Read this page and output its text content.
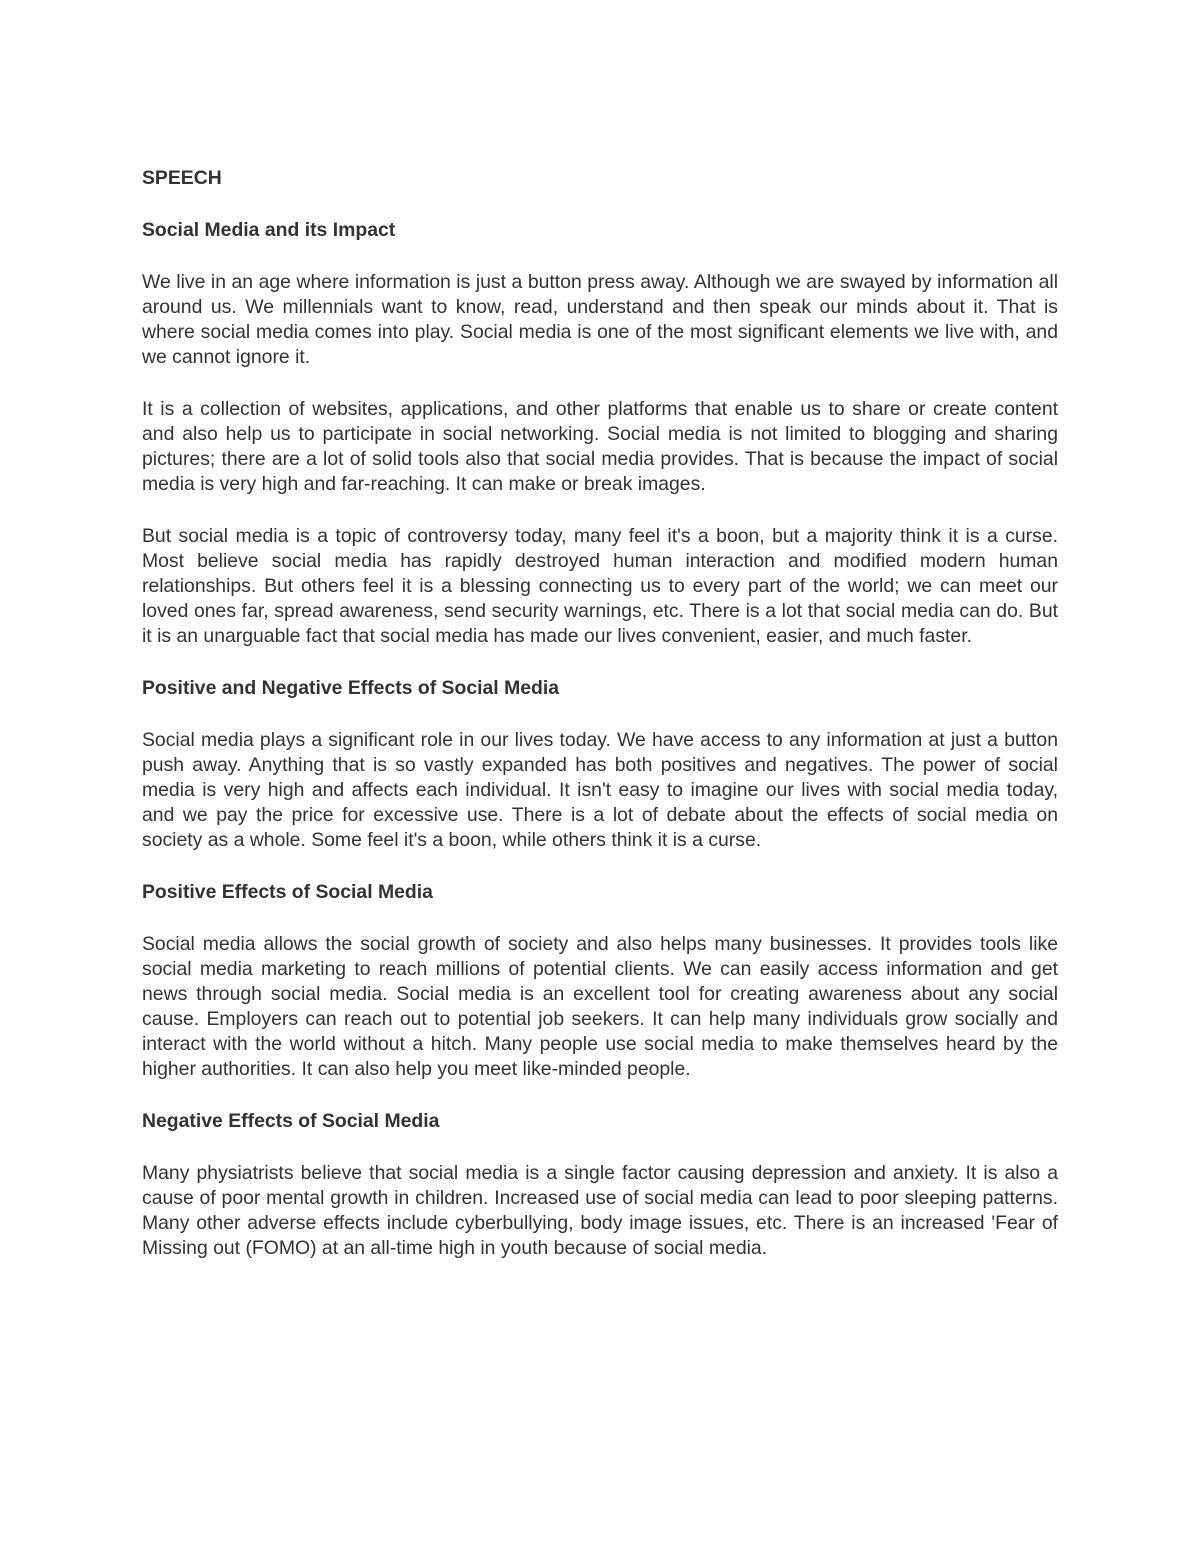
SPEECH
Social Media and its Impact

We live in an age where information is just a button press away. Although we are swayed by information all around us. We millennials want to know, read, understand and then speak our minds about it. That is where social media comes into play. Social media is one of the most significant elements we live with, and we cannot ignore it.

It is a collection of websites, applications, and other platforms that enable us to share or create content and also help us to participate in social networking. Social media is not limited to blogging and sharing pictures; there are a lot of solid tools also that social media provides. That is because the impact of social media is very high and far-reaching. It can make or break images.

But social media is a topic of controversy today, many feel it's a boon, but a majority think it is a curse. Most believe social media has rapidly destroyed human interaction and modified modern human relationships. But others feel it is a blessing connecting us to every part of the world; we can meet our loved ones far, spread awareness, send security warnings, etc. There is a lot that social media can do. But it is an unarguable fact that social media has made our lives convenient, easier, and much faster.

Positive and Negative Effects of Social Media

Social media plays a significant role in our lives today. We have access to any information at just a button push away. Anything that is so vastly expanded has both positives and negatives. The power of social media is very high and affects each individual. It isn't easy to imagine our lives with social media today, and we pay the price for excessive use. There is a lot of debate about the effects of social media on society as a whole. Some feel it's a boon, while others think it is a curse.

Positive Effects of Social Media

Social media allows the social growth of society and also helps many businesses. It provides tools like social media marketing to reach millions of potential clients. We can easily access information and get news through social media. Social media is an excellent tool for creating awareness about any social cause. Employers can reach out to potential job seekers. It can help many individuals grow socially and interact with the world without a hitch. Many people use social media to make themselves heard by the higher authorities. It can also help you meet like-minded people.

Negative Effects of Social Media

Many physiatrists believe that social media is a single factor causing depression and anxiety. It is also a cause of poor mental growth in children. Increased use of social media can lead to poor sleeping patterns. Many other adverse effects include cyberbullying, body image issues, etc. There is an increased 'Fear of Missing out (FOMO) at an all-time high in youth because of social media.
